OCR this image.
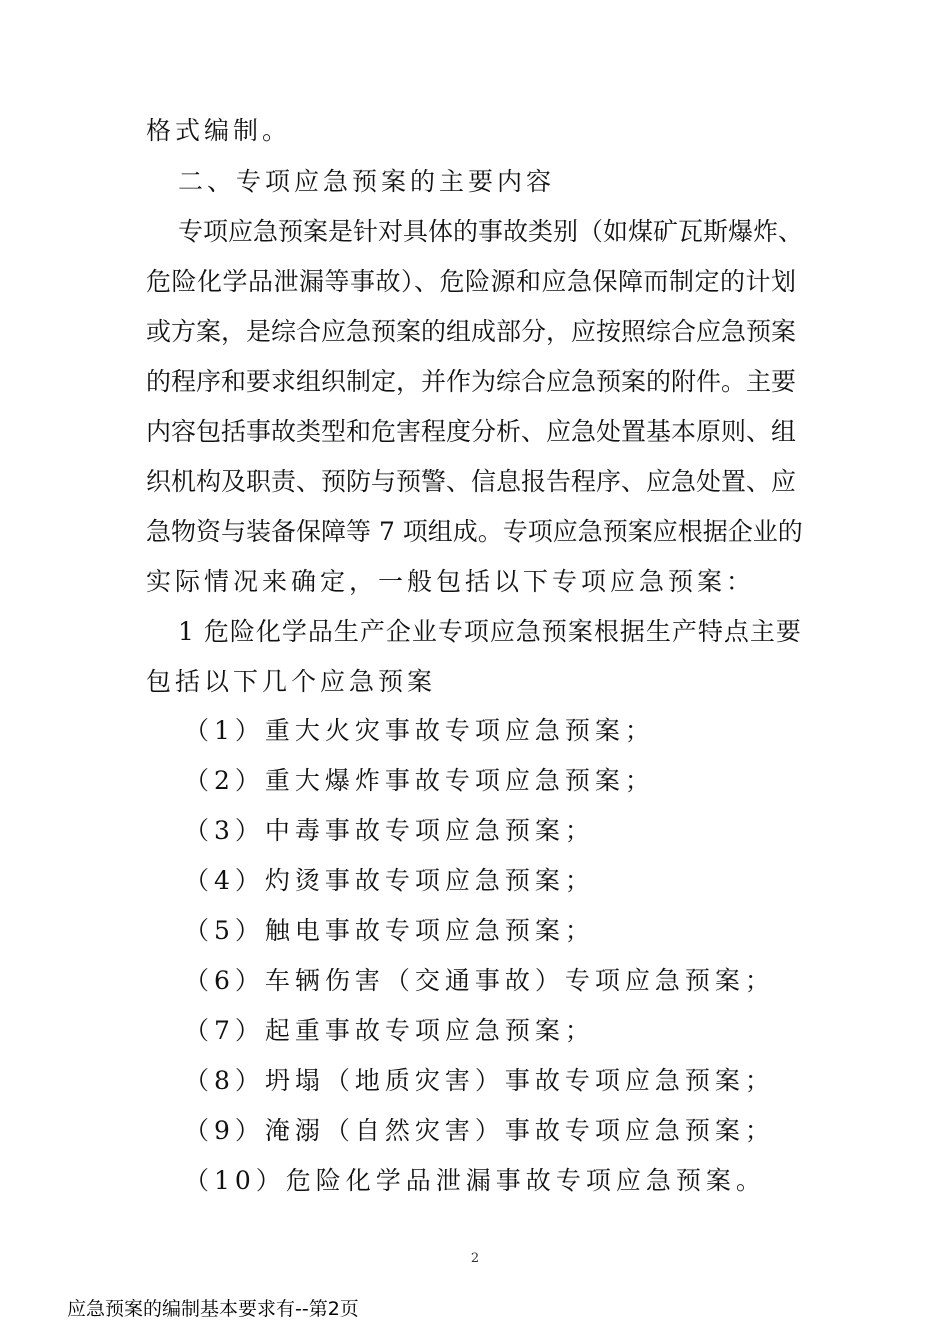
格式编制。
二、专项应急预案的主要内容
专项应急预案是针对具体的事故类别（如煤矿瓦斯爆炸、
危险化学品泄漏等事故）、危险源和应急保障而制定的计划
或方案，是综合应急预案的组成部分，应按照综合应急预案
的程序和要求组织制定，并作为综合应急预案的附件。主要
内容包括事故类型和危害程度分析、应急处置基本原则、组
织机构及职责、预防与预警、信息报告程序、应急处置、应
急物资与装备保障等 7 项组成。专项应急预案应根据企业的
实际情况来确定，一般包括以下专项应急预案：
1 危险化学品生产企业专项应急预案根据生产特点主要
包括以下几个应急预案
（1）重大火灾事故专项应急预案；
（2）重大爆炸事故专项应急预案；
（3）中毒事故专项应急预案；
（4）灼烫事故专项应急预案；
（5）触电事故专项应急预案；
（6）车辆伤害（交通事故）专项应急预案；
（7）起重事故专项应急预案；
（8）坍塌（地质灾害）事故专项应急预案；
（9）淹溺（自然灾害）事故专项应急预案；
（10）危险化学品泄漏事故专项应急预案。
2
应急预案的编制基本要求有--第2页
